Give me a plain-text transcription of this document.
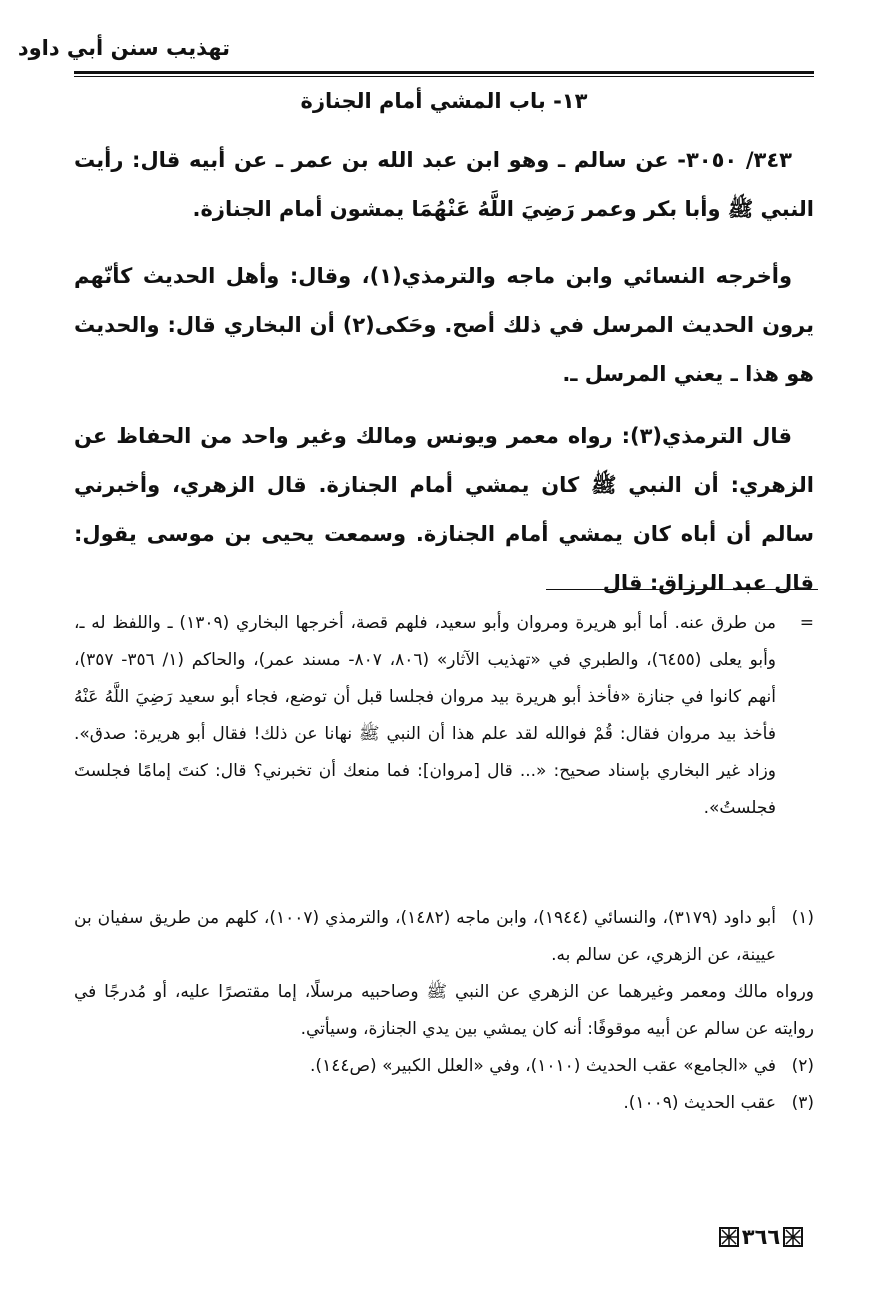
تهذيب سنن أبي داود
١٣- باب المشي أمام الجنازة
٣٤٣/ ٣٠٥٠- عن سالم ـ وهو ابن عبد الله بن عمر ـ عن أبيه قال: رأيت النبي ﷺ وأبا بكر وعمر رَضِيَ اللَّهُ عَنْهُمَا يمشون أمام الجنازة.
وأخرجه النسائي وابن ماجه والترمذي(١)، وقال: وأهل الحديث كأنّهم يرون الحديث المرسل في ذلك أصح. وحَكى(٢) أن البخاري قال: والحديث هو هذا ـ يعني المرسل ـ.
قال الترمذي(٣): رواه معمر ويونس ومالك وغير واحد من الحفاظ عن الزهري: أن النبي ﷺ كان يمشي أمام الجنازة. قال الزهري، وأخبرني سالم أن أباه كان يمشي أمام الجنازة. وسمعت يحيى بن موسى يقول: قال عبد الرزاق: قال
=
من طرق عنه. أما أبو هريرة ومروان وأبو سعيد، فلهم قصة، أخرجها البخاري (١٣٠٩) ـ واللفظ له ـ، وأبو يعلى (٦٤٥٥)، والطبري في «تهذيب الآثار» (٨٠٦، ٨٠٧- مسند عمر)، والحاكم (١/ ٣٥٦- ٣٥٧)، أنهم كانوا في جنازة «فأخذ أبو هريرة بيد مروان فجلسا قبل أن توضع، فجاء أبو سعيد رَضِيَ اللَّهُ عَنْهُ فأخذ بيد مروان فقال: قُمْ فوالله لقد علم هذا أن النبي ﷺ نهانا عن ذلك! فقال أبو هريرة: صدق». وزاد غير البخاري بإسناد صحيح: «... قال [مروان]: فما منعك أن تخبرني؟ قال: كنتَ إمامًا فجلستَ فجلستُ».
(١)
أبو داود (٣١٧٩)، والنسائي (١٩٤٤)، وابن ماجه (١٤٨٢)، والترمذي (١٠٠٧)، كلهم من طريق سفيان بن عيينة، عن الزهري، عن سالم به.
ورواه مالك ومعمر وغيرهما عن الزهري عن النبي ﷺ وصاحبيه مرسلًا، إما مقتصرًا عليه، أو مُدرجًا في روايته عن سالم عن أبيه موقوفًا: أنه كان يمشي بين يدي الجنازة، وسيأتي.
(٢)
في «الجامع» عقب الحديث (١٠١٠)، وفي «العلل الكبير» (ص١٤٤).
(٣)
عقب الحديث (١٠٠٩).
٣٦٦
